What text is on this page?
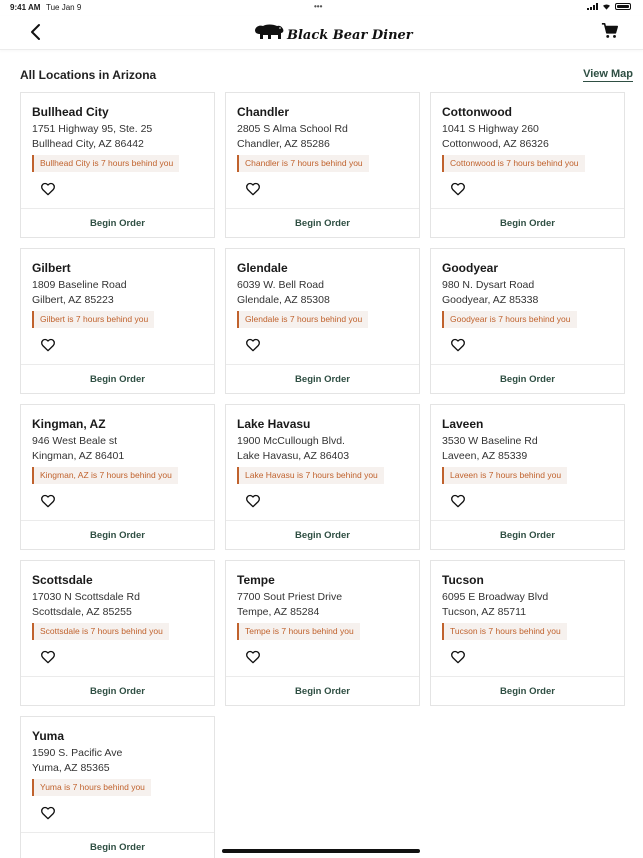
9:41 AM Tue Jan 9	•••
Black Bear Diner
All Locations in Arizona	View Map
Bullhead City
1751 Highway 95, Ste. 25
Bullhead City, AZ 86442
Bullhead City is 7 hours behind you
Begin Order
Chandler
2805 S Alma School Rd
Chandler, AZ 85286
Chandler is 7 hours behind you
Begin Order
Cottonwood
1041 S Highway 260
Cottonwood, AZ 86326
Cottonwood is 7 hours behind you
Begin Order
Gilbert
1809 Baseline Road
Gilbert, AZ 85223
Gilbert is 7 hours behind you
Begin Order
Glendale
6039 W. Bell Road
Glendale, AZ 85308
Glendale is 7 hours behind you
Begin Order
Goodyear
980 N. Dysart Road
Goodyear, AZ 85338
Goodyear is 7 hours behind you
Begin Order
Kingman, AZ
946 West Beale st
Kingman, AZ 86401
Kingman, AZ is 7 hours behind you
Begin Order
Lake Havasu
1900 McCullough Blvd.
Lake Havasu, AZ 86403
Lake Havasu is 7 hours behind you
Begin Order
Laveen
3530 W Baseline Rd
Laveen, AZ 85339
Laveen is 7 hours behind you
Begin Order
Scottsdale
17030 N Scottsdale Rd
Scottsdale, AZ 85255
Scottsdale is 7 hours behind you
Begin Order
Tempe
7700 Sout Priest Drive
Tempe, AZ 85284
Tempe is 7 hours behind you
Begin Order
Tucson
6095 E Broadway Blvd
Tucson, AZ 85711
Tucson is 7 hours behind you
Begin Order
Yuma
1590 S. Pacific Ave
Yuma, AZ 85365
Yuma is 7 hours behind you
Begin Order
